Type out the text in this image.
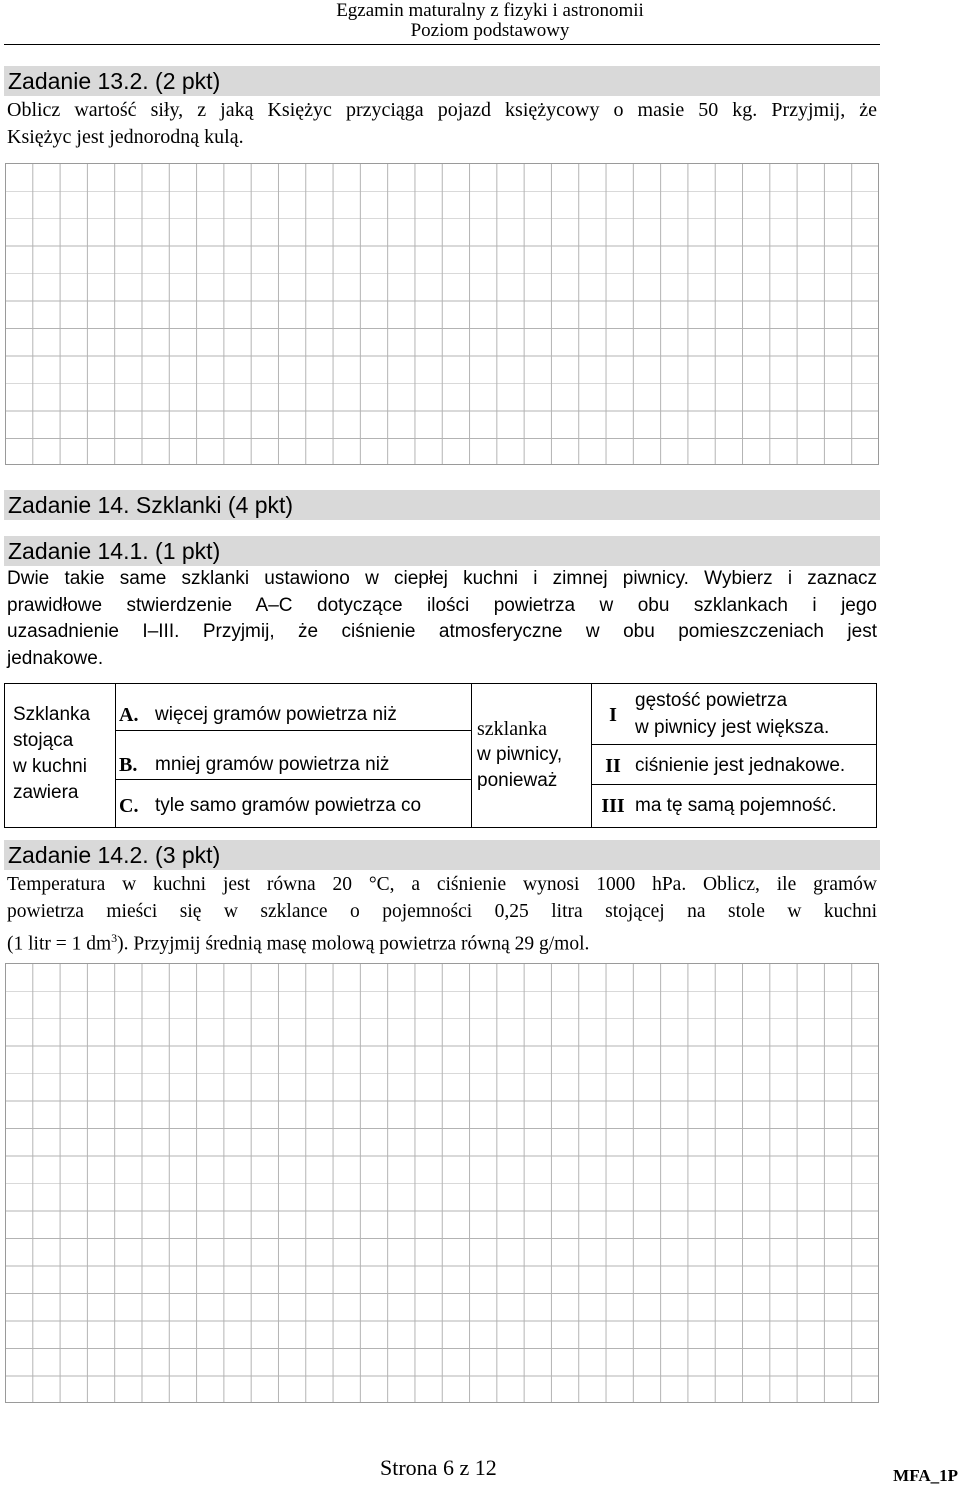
Egzamin maturalny z fizyki i astronomii
Poziom podstawowy
Zadanie 13.2. (2 pkt)
Oblicz wartość siły, z jaką Księżyc przyciąga pojazd księżycowy o masie 50 kg. Przyjmij, że
Księżyc jest jednorodną kulą.
Zadanie 14. Szklanki (4 pkt)
Zadanie 14.1. (1 pkt)
Dwie takie same szklanki ustawiono w ciepłej kuchni i zimnej piwnicy. Wybierz i zaznacz
prawidłowe stwierdzenie A–C dotyczące ilości powietrza w obu szklankach i jego
uzasadnienie I–III. Przyjmij, że ciśnienie atmosferyczne w obu pomieszczeniach jest
jednakowe.
Szklanka
stojąca
w kuchni
zawiera
A. więcej gramów powietrza niż
B. mniej gramów powietrza niż
C. tyle samo gramów powietrza co
szklanka
w piwnicy,
ponieważ
I
gęstość powietrza
w piwnicy jest większa.
II ciśnienie jest jednakowe.
III ma tę samą pojemność.
Zadanie 14.2. (3 pkt)
Temperatura w kuchni jest równa 20 °C, a ciśnienie wynosi 1000 hPa. Oblicz, ile gramów
powietrza mieści się w szklance o pojemności 0,25 litra stojącej na stole w kuchni
(1 litr = 1 $dm^3$). Przyjmij średnią masę molową powietrza równą 29 g/mol.
Strona 6 z 12	MFA_1P
